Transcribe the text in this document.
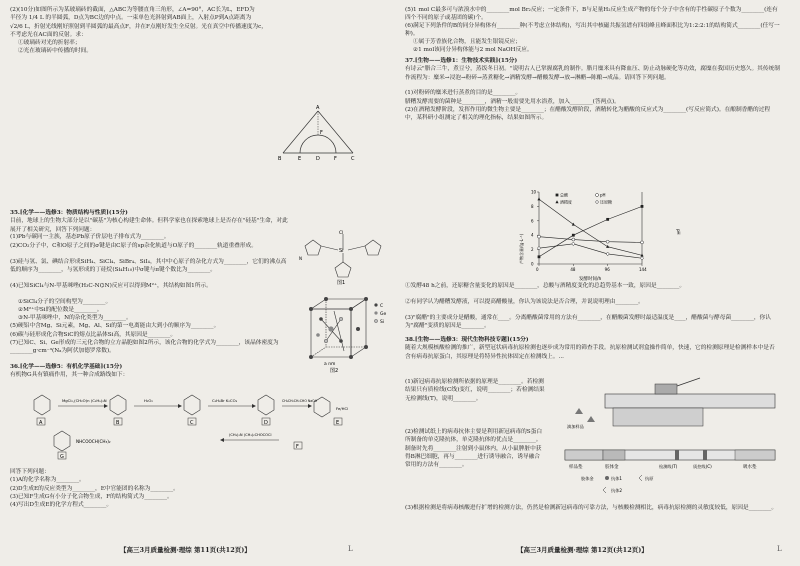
(2)(10分)如图所示为某玻璃砖的截面，△ABC为等腰直角三角形，∠A=90°，AC长为L，EFD为

半径为 1/4 L 的半圆弧，D点为BC边的中点。一束单色光斜射到AB面上，入射点P到A点距离为

√2/6 L，折射光线刚好照射到半圆弧的最高点F，并在F点刚好发生全反射。光在真空中传播速度为c，

不考虑光在AC面的反射。求：

①玻璃砖对光的折射率；

②光在玻璃砖中传播的时间。

A
B	E	D
F
F	C

35.[化学——选修3：物质结构与性质](15分)

目前，地球上的生物大部分是以"碳基"为核心构建生命体。但科学家也在探索地球上是否存在"硅基"生命，对此展开了相关研究，回答下列问题：

(1)Pb与碳同一主族，基态Pb原子价层电子排布式为________。

(2)CO₂分子中，C和O原子之间的σ键是由C原子的sp杂化轨道与O原子的________轨道重叠形成。

(3)硅与氢、氯、碘结合形成SiH₄、SiCl₄、SiBr₄、SiI₄，其中中心原子的杂化方式为________，它们的沸点高低的顺序为________，与氢形成的丁硅烷(Si₄H₁₀)中σ键与π键个数比为________。

(4)已知SiCl₄与N-甲基咪唑(H₃C-N⌬N)反应可以得到M²⁺，其结构如图1所示。

①SiCl₄分子的空间构型为________。

②M²⁺中Si的配位数是________。

③N-甲基咪唑中，N的杂化类型为________。

(5)硬铝中含Mg、Si元素，Mg、Al、Si的第一电离能由大到小的顺序为________。

(6)碳与硅形成化合物SiC的熔点比晶体Si高，其原因是________。

(7)已知C、Si、Ge形成的三元化合物的立方晶胞如图2所示，该化合物的化学式为________，该晶体密度为________g·cm⁻³(Nₐ为阿伏加德罗常数)。

Si
Cl
N
图1
C
Ge
Si
a nm
图2

36.[化学——选修5：有机化学基础](15分)

有机物G具有镇痛作用，其一种合成路线如下：

MgCl₂,(CH₂O)n (C₂H₅)₃N	H₂O₂	C₂H₅Br K₂CO₃	CH₃CH₂CH₂CHO NaOH
NHCOOCH(CH₃)₂
(CH₃)₂N (CH₃)₂CHOCOCl
A	B	C	D	E
F
G
Fe/HCl

回答下列问题：

(1)A的化学名称为________。

(2)D生成E的反应类型为________，E中官能团的名称为________。

(3)已知F生成G有小分子化合物生成，F的结构简式为________。

(4)写出D生成E的化学方程式________。

【高三3月质量检测·理综 第11页(共12页)】	L

(5)1 mol C最多可与浓溴水中的________mol Br₂反应；一定条件下，B与足量H₂反应生成产物的每个分子中含有的手性碳原子个数为________(连有四个不同的原子或基团的碳)个。

(6)满足下列条件的B的同分异构体有________种(不考虑立体结构)，写出其中核磁共振氢谱有四组峰且峰面积比为1:2:2:1的结构简式________(任写一种)。

①属于芳香族化合物，且能发生银镜反应；

②1 mol该同分异构体能与2 mol NaOH反应。

37.[生物——选修1：生物技术实践](15分)

有诗云"腊合三牛，煮豆兮，蒸饭冬日初。"说明古人已掌握腐乳的制作。腊月糜米具有降血压、防止动脉硬化等功效，腐糜在我国历史悠久。其传统制作流程为：糜米→浸泡→粉碎→蒸煮糖化→酒精发酵→醋酸发酵→放→淋醋→陈酿→成品。请回答下列问题。

(1)对粉碎的糜米进行蒸煮的目的是________。

腊糟发酵需要的菌种是________，酒精一般需要先用水浴煮，加入________(答两点)。

(2)在酒精发酵阶段，发挥作用的微生物主要是________；在醋酸发酵阶段，酒精转化为醋酸的反应式为________(写反应简式)。在酿制香醋的过程中，某科研小组测定了相关的理化指标，结果如图所示。

0
2
4
6
8
10
0	48	96	144
总酸	pH
酒精度	还原糖
发酵时间/h
产物含量/(g·L⁻¹)
pH

①发酵48 h之前，还原糖含量变化的原因是________，总酸与酒精度变化的总趋势基本一致，原因是________。

②有同学认为醋糟发酵液，可以提高醋酸量，你认为该说法是否合理，并说说明理由________。

(3)"腐醋"的主要成分是醋酸，通常在____。分离醋酸菌常用的方法有________，在醋酸菌发酵时最适温度是____，醋酸菌与酵母菌________，你认为"腐醋"变质的原因是________。

38.[生物——选修3：现代生物科技专题](15分)

随着大规模核酸检测的推广，新型冠状病毒抗原检测也逐步成为常用的筛查手段。抗原检测试剂盒操作简单，快速，它的检测原理是检测样本中是否含有病毒抗原蛋白，其原理是将特异性抗体固定在检测线上。...

(1)新冠病毒抗原检测所依据的原理是________。若检测结果只有质检线(C线)变红，说明________；若检测结果无检测线(T)，说明________。

(2)检测试纸上的病毒抗体主要是利用新冠病毒的S蛋白所制备的单克隆抗体，单克隆抗体的优点是________。制备时先将________注射到小鼠体内，从小鼠脾脏中获得B淋巴细胞，再与________进行诱导融合，诱导融合常用的方法有________。

(3)根据检测是将病毒核酸进行扩增的检测方法，仍然是检测新冠病毒的可靠方法，与核酸检测相比，病毒抗原检测的灵敏度较低，原因是________。

样品垫	胶体金	检测线(T)	质控线(C)	吸水垫
滴加样品
胶体金	抗体1	抗原
抗体2
【高三3月质量检测·理综 第12页(共12页)】	L
